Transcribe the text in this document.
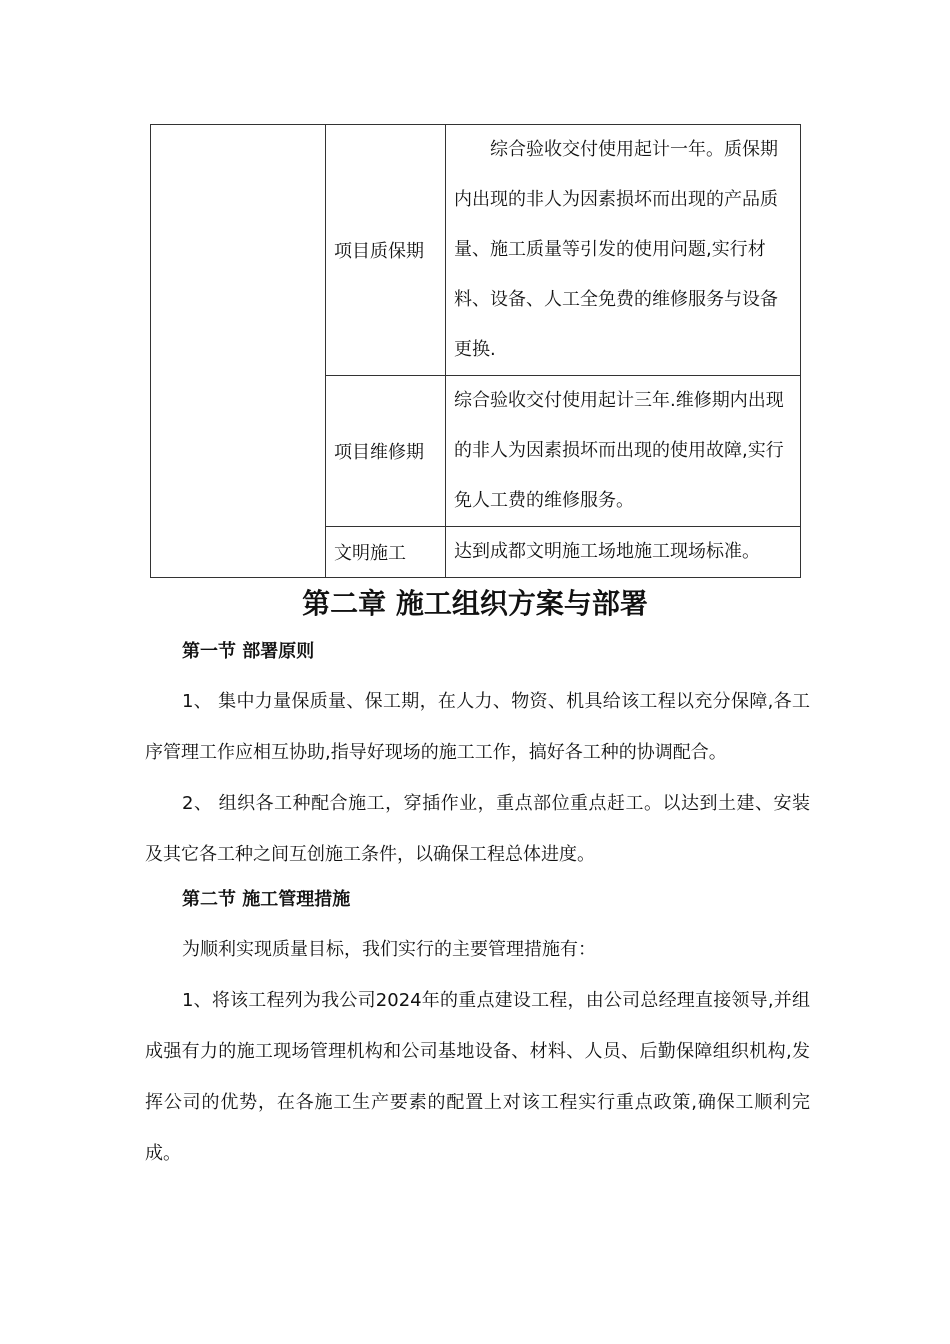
	项目质保期	综合验收交付使用起计一年。质保期内出现的非人为因素损坏而出现的产品质量、施工质量等引发的使用问题,实行材料、设备、人工全免费的维修服务与设备更换.
	项目维修期	综合验收交付使用起计三年.维修期内出现的非人为因素损坏而出现的使用故障,实行免人工费的维修服务。
	文明施工	达到成都文明施工场地施工现场标准。
第二章 施工组织方案与部署
第一节 部署原则

1、 集中力量保质量、保工期，在人力、物资、机具给该工程以充分保障,各工序管理工作应相互协助,指导好现场的施工工作，搞好各工种的协调配合。

2、 组织各工种配合施工，穿插作业，重点部位重点赶工。以达到土建、安装及其它各工种之间互创施工条件，以确保工程总体进度。

第二节 施工管理措施

为顺利实现质量目标，我们实行的主要管理措施有：

1、将该工程列为我公司2024年的重点建设工程，由公司总经理直接领导,并组成强有力的施工现场管理机构和公司基地设备、材料、人员、后勤保障组织机构,发挥公司的优势，在各施工生产要素的配置上对该工程实行重点政策,确保工顺利完成。
